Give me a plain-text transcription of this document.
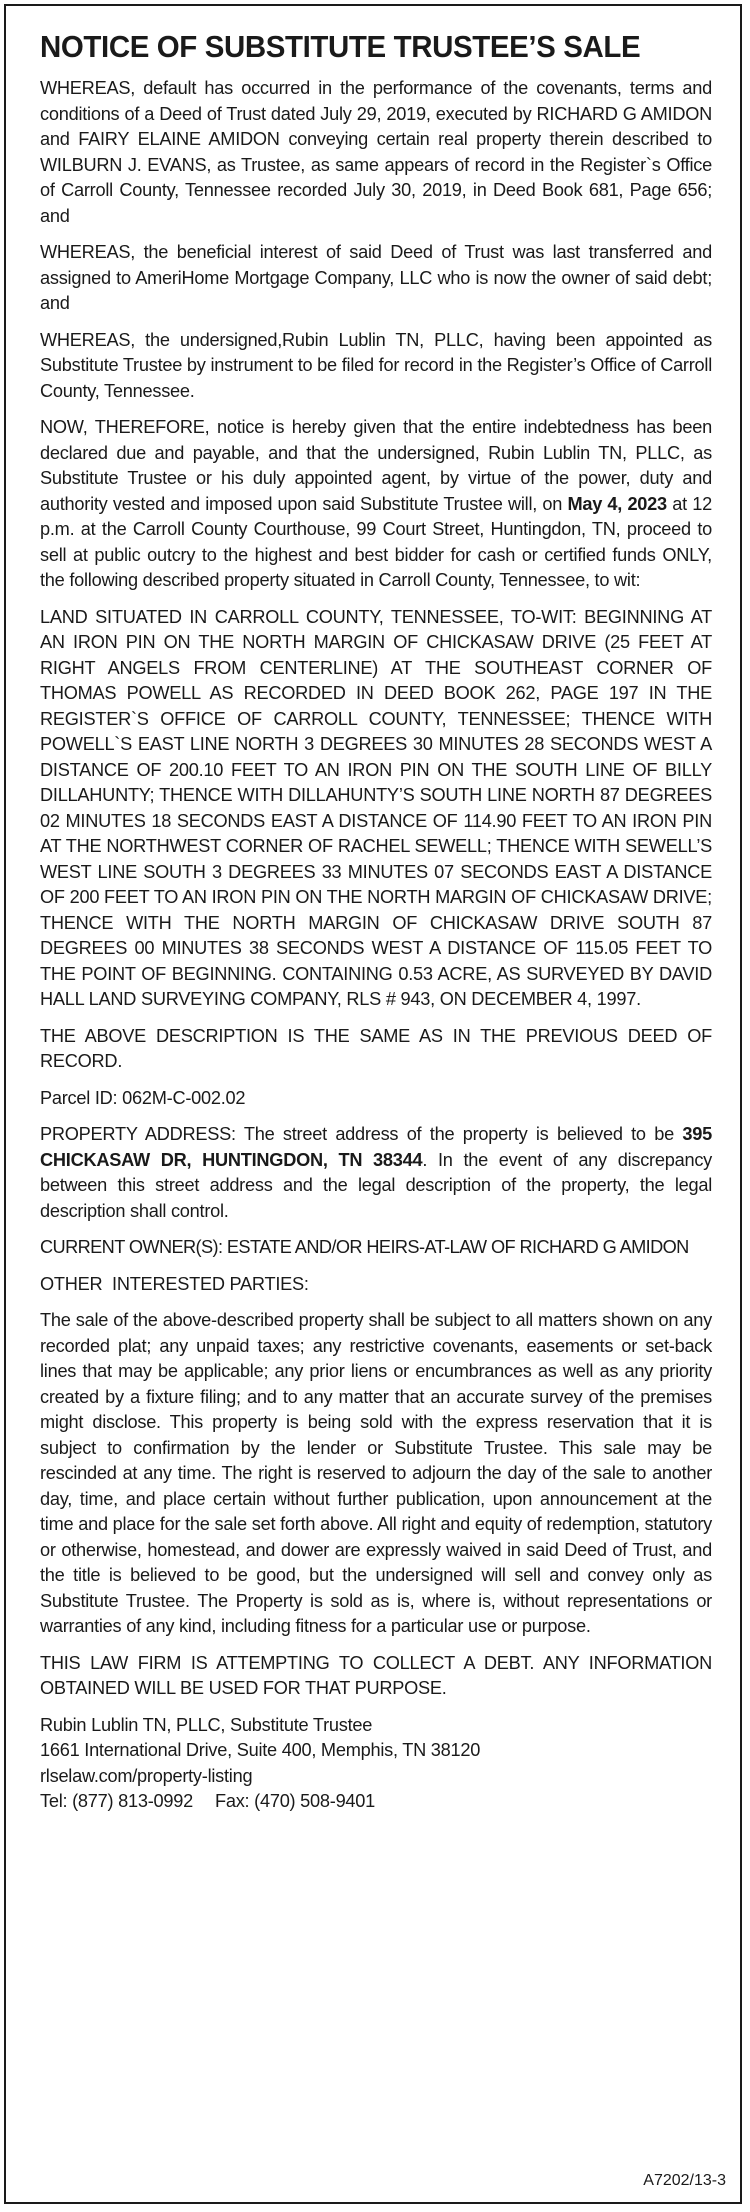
NOTICE OF SUBSTITUTE TRUSTEE’S SALE

WHEREAS, default has occurred in the performance of the covenants, terms and conditions of a Deed of Trust dated July 29, 2019, executed by RICHARD G AMIDON and FAIRY ELAINE AMIDON conveying certain real property therein described to WILBURN J. EVANS, as Trustee, as same appears of record in the Register`s Office of Carroll County, Tennessee recorded July 30, 2019, in Deed Book 681, Page 656; and

WHEREAS, the beneficial interest of said Deed of Trust was last transferred and assigned to AmeriHome Mortgage Company, LLC who is now the owner of said debt; and

WHEREAS, the undersigned,Rubin Lublin TN, PLLC, having been appointed as Substitute Trustee by instrument to be filed for record in the Register’s Office of Carroll County, Tennessee.

NOW, THEREFORE, notice is hereby given that the entire indebtedness has been declared due and payable, and that the undersigned, Rubin Lublin TN, PLLC, as Substitute Trustee or his duly appointed agent, by virtue of the power, duty and authority vested and imposed upon said Substitute Trustee will, on May 4, 2023 at 12 p.m. at the Carroll County Courthouse, 99 Court Street, Huntingdon, TN, proceed to sell at public outcry to the highest and best bidder for cash or certified funds ONLY, the following described property situated in Carroll County, Tennessee, to wit:

LAND SITUATED IN CARROLL COUNTY, TENNESSEE, TO-WIT: BEGINNING AT AN IRON PIN ON THE NORTH MARGIN OF CHICKASAW DRIVE (25 FEET AT RIGHT ANGELS FROM CENTERLINE) AT THE SOUTHEAST CORNER OF THOMAS POWELL AS RECORDED IN DEED BOOK 262, PAGE 197 IN THE REGISTER`S OFFICE OF CARROLL COUNTY, TENNESSEE; THENCE WITH POWELL`S EAST LINE NORTH 3 DEGREES 30 MINUTES 28 SECONDS WEST A DISTANCE OF 200.10 FEET TO AN IRON PIN ON THE SOUTH LINE OF BILLY DILLAHUNTY; THENCE WITH DILLAHUNTY’S SOUTH LINE NORTH 87 DEGREES 02 MINUTES 18 SECONDS EAST A DISTANCE OF 114.90 FEET TO AN IRON PIN AT THE NORTHWEST CORNER OF RACHEL SEWELL; THENCE WITH SEWELL’S WEST LINE SOUTH 3 DEGREES 33 MINUTES 07 SECONDS EAST A DISTANCE OF 200 FEET TO AN IRON PIN ON THE NORTH MARGIN OF CHICKASAW DRIVE; THENCE WITH THE NORTH MARGIN OF CHICKASAW DRIVE SOUTH 87 DEGREES 00 MINUTES 38 SECONDS WEST A DISTANCE OF 115.05 FEET TO THE POINT OF BEGINNING. CONTAINING 0.53 ACRE, AS SURVEYED BY DAVID HALL LAND SURVEYING COMPANY, RLS # 943, ON DECEMBER 4, 1997.

THE ABOVE DESCRIPTION IS THE SAME AS IN THE PREVIOUS DEED OF RECORD.

Parcel ID: 062M-C-002.02

PROPERTY ADDRESS: The street address of the property is believed to be 395 CHICKASAW DR, HUNTINGDON, TN 38344. In the event of any discrepancy between this street address and the legal description of the property, the legal description shall control.

CURRENT OWNER(S): ESTATE AND/OR HEIRS-AT-LAW OF RICHARD G AMIDON

OTHER  INTERESTED PARTIES:

The sale of the above-described property shall be subject to all matters shown on any recorded plat; any unpaid taxes; any restrictive covenants, easements or set-back lines that may be applicable; any prior liens or encumbrances as well as any priority created by a fixture filing; and to any matter that an accurate survey of the premises might disclose. This property is being sold with the express reservation that it is subject to confirmation by the lender or Substitute Trustee. This sale may be rescinded at any time. The right is reserved to adjourn the day of the sale to another day, time, and place certain without further publication, upon announcement at the time and place for the sale set forth above. All right and equity of redemption, statutory or otherwise, homestead, and dower are expressly waived in said Deed of Trust, and the title is believed to be good, but the undersigned will sell and convey only as Substitute Trustee. The Property is sold as is, where is, without representations or warranties of any kind, including fitness for a particular use or purpose.

THIS LAW FIRM IS ATTEMPTING TO COLLECT A DEBT. ANY INFORMATION OBTAINED WILL BE USED FOR THAT PURPOSE.

Rubin Lublin TN, PLLC, Substitute Trustee
1661 International Drive, Suite 400, Memphis, TN 38120
rlselaw.com/property-listing
Tel: (877) 813-0992 Fax: (470) 508-9401
A7202/13-3
